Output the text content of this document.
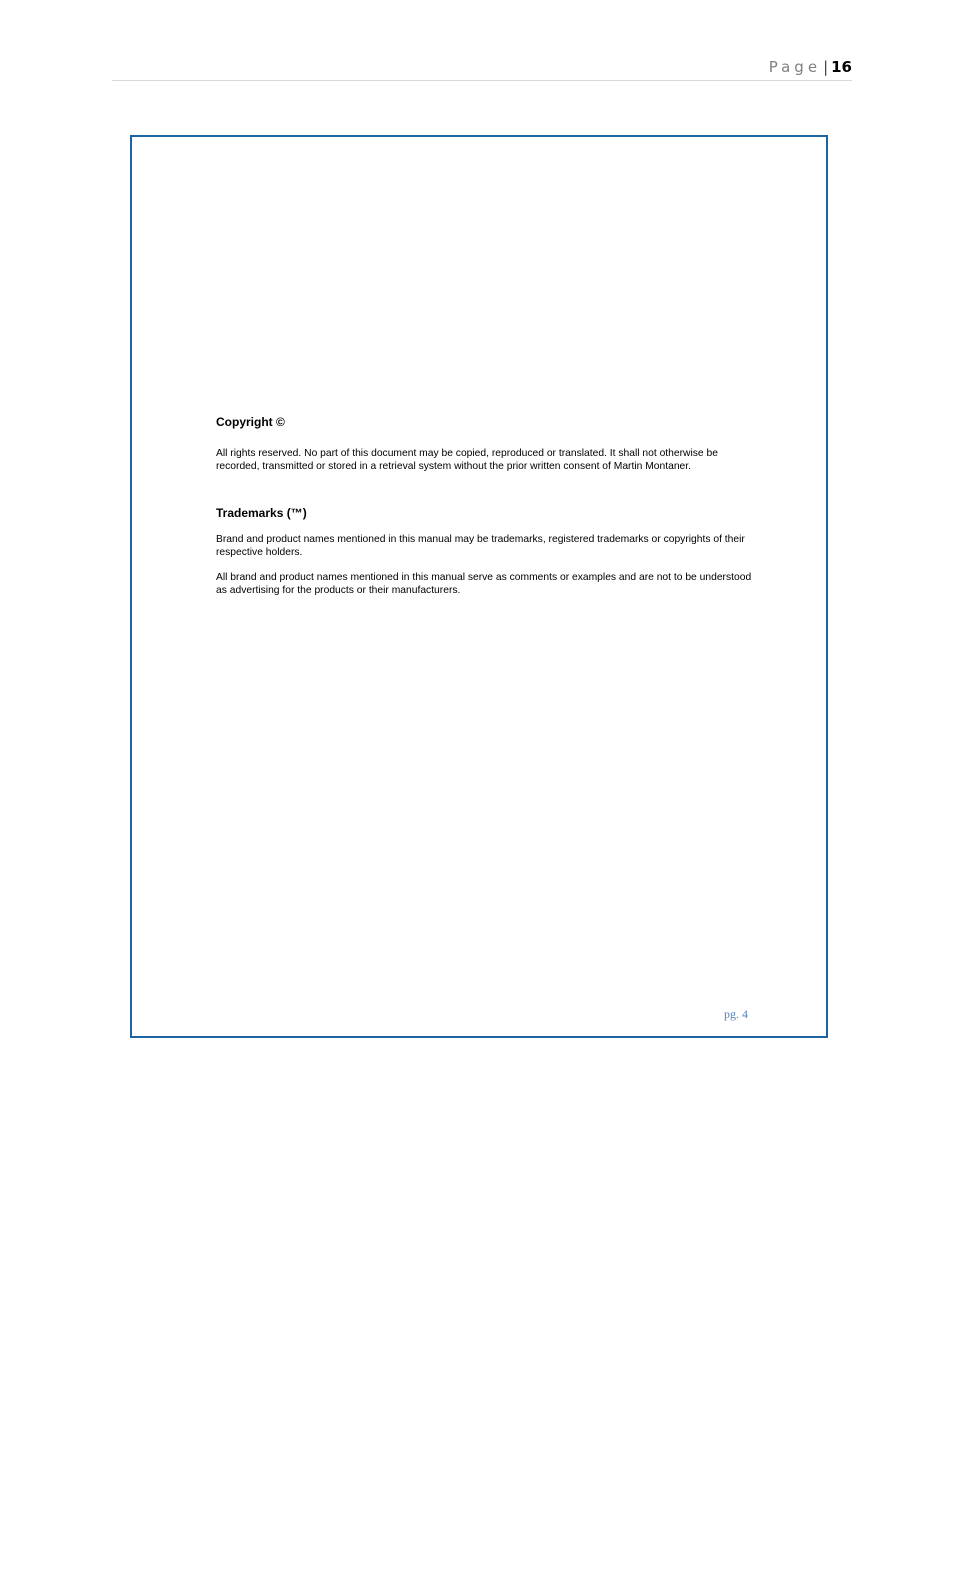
Page | 16

Copyright ©

All rights reserved. No part of this document may be copied, reproduced or translated. It shall not otherwise be recorded, transmitted or stored in a retrieval system without the prior written consent of Martin Montaner.

Trademarks (™)

Brand and product names mentioned in this manual may be trademarks, registered trademarks or copyrights of their respective holders.

All brand and product names mentioned in this manual serve as comments or examples and are not to be understood as advertising for the products or their manufacturers.

pg. 4
